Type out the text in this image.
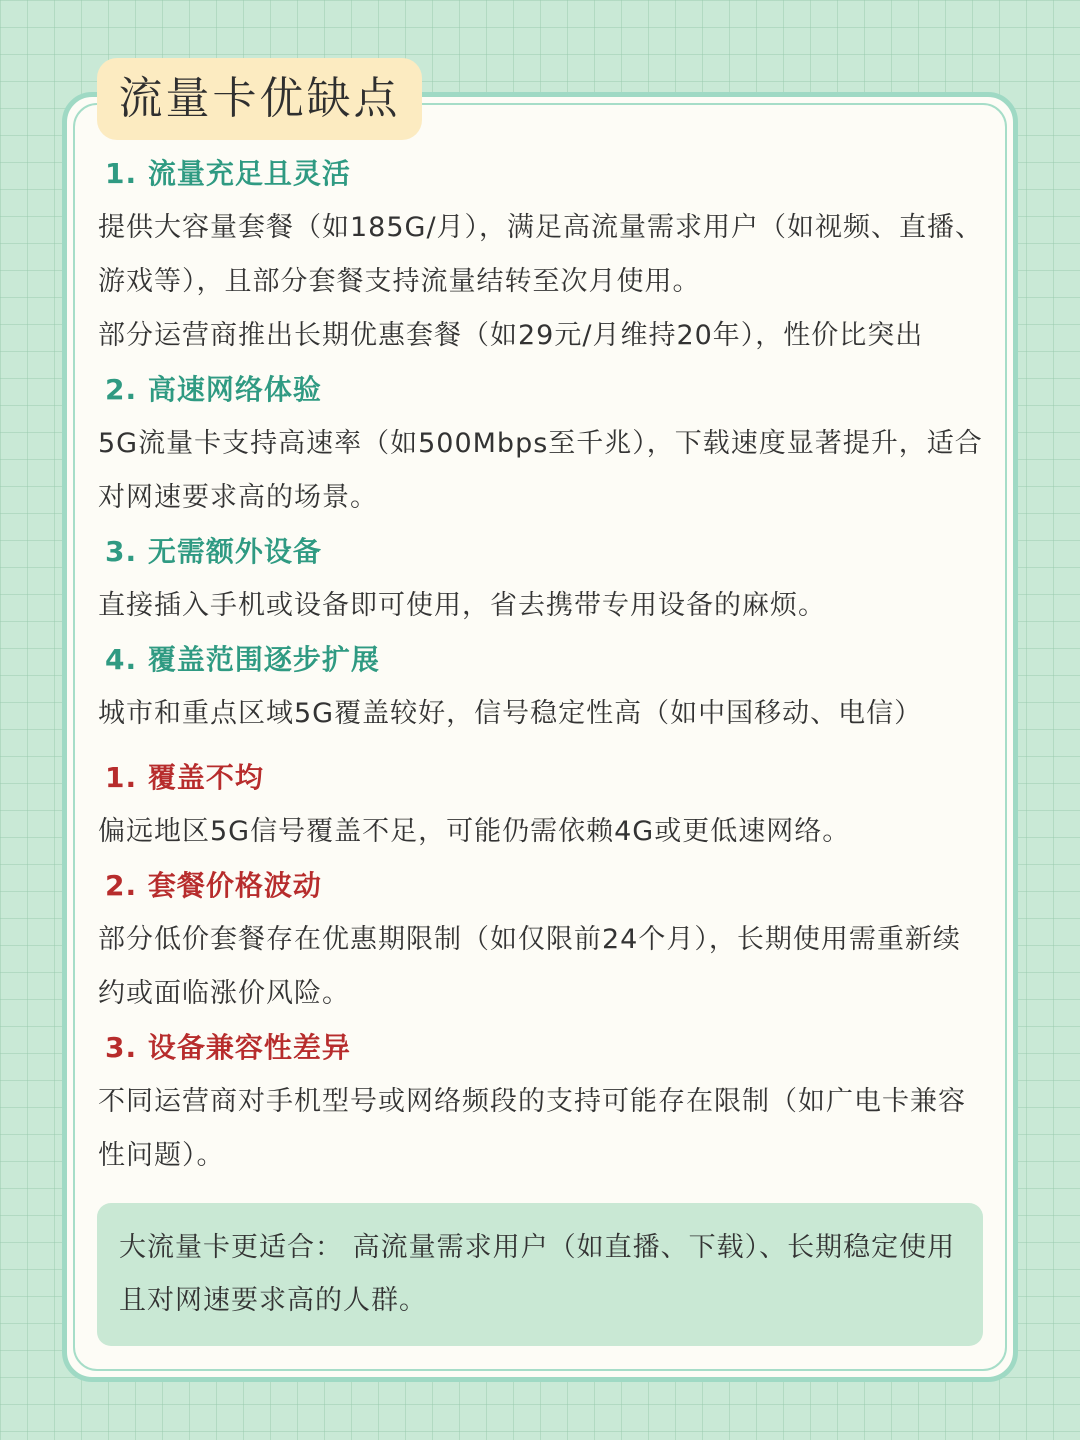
流量卡优缺点
1. 流量充足且灵活
提供大容量套餐（如185G/月），满足高流量需求用户（如视频、直播、游戏等），且部分套餐支持流量结转至次月使用。
部分运营商推出长期优惠套餐（如29元/月维持20年），性价比突出
2. 高速网络体验
5G流量卡支持高速率（如500Mbps至千兆），下载速度显著提升，适合对网速要求高的场景。
3. 无需额外设备
直接插入手机或设备即可使用，省去携带专用设备的麻烦。
4. 覆盖范围逐步扩展
城市和重点区域5G覆盖较好，信号稳定性高（如中国移动、电信）
1. 覆盖不均
偏远地区5G信号覆盖不足，可能仍需依赖4G或更低速网络。
2. 套餐价格波动
部分低价套餐存在优惠期限制（如仅限前24个月），长期使用需重新续约或面临涨价风险。
3. 设备兼容性差异
不同运营商对手机型号或网络频段的支持可能存在限制（如广电卡兼容性问题）。
大流量卡更适合： 高流量需求用户（如直播、下载）、长期稳定使用且对网速要求高的人群。
